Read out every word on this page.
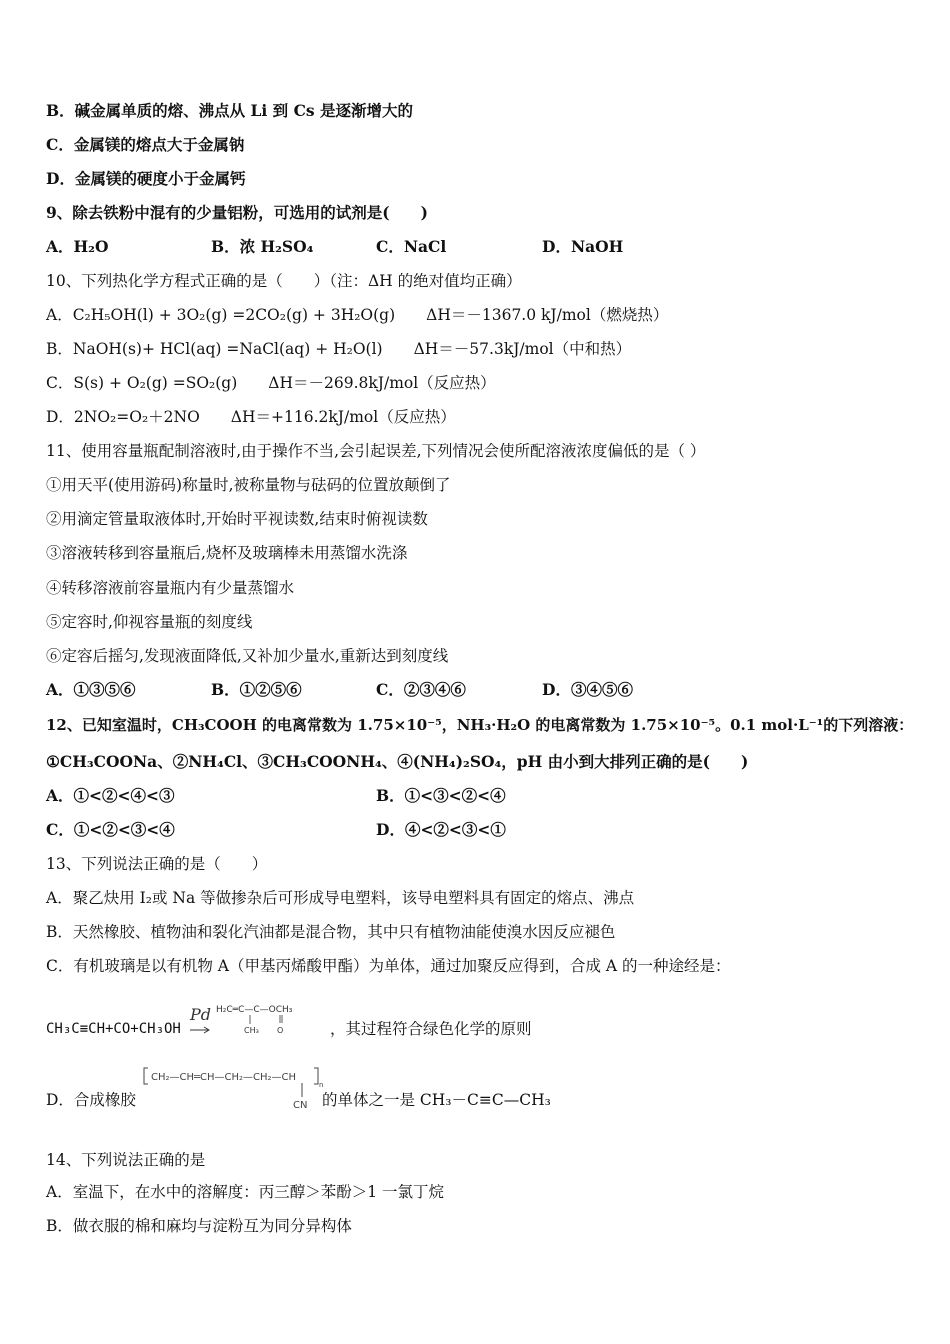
B．碱金属单质的熔、沸点从 Li 到 Cs 是逐渐增大的
C．金属镁的熔点大于金属钠
D．金属镁的硬度小于金属钙
9、除去铁粉中混有的少量铝粉，可选用的试剂是(　　)
A．H₂O	B．浓 H₂SO₄	C．NaCl	D．NaOH
10、下列热化学方程式正确的是（　　）（注：ΔH 的绝对值均正确）
A．C₂H₅OH(l) + 3O₂(g) =2CO₂(g) + 3H₂O(g)　　ΔH＝－1367.0 kJ/mol（燃烧热）
B．NaOH(s)+ HCl(aq) =NaCl(aq) + H₂O(l)　　ΔH＝－57.3kJ/mol（中和热）
C．S(s) + O₂(g) =SO₂(g)　　ΔH＝－269.8kJ/mol（反应热）
D．2NO₂=O₂＋2NO　　ΔH＝+116.2kJ/mol（反应热）
11、使用容量瓶配制溶液时,由于操作不当,会引起误差,下列情况会使所配溶液浓度偏低的是（ ）
①用天平(使用游码)称量时,被称量物与砝码的位置放颠倒了
②用滴定管量取液体时,开始时平视读数,结束时俯视读数
③溶液转移到容量瓶后,烧杯及玻璃棒未用蒸馏水洗涤
④转移溶液前容量瓶内有少量蒸馏水
⑤定容时,仰视容量瓶的刻度线
⑥定容后摇匀,发现液面降低,又补加少量水,重新达到刻度线
A．①③⑤⑥	B．①②⑤⑥	C．②③④⑥	D．③④⑤⑥
12、已知室温时，CH₃COOH 的电离常数为 1.75×10⁻⁵，NH₃·H₂O 的电离常数为 1.75×10⁻⁵。0.1 mol·L⁻¹的下列溶液：
①CH₃COONa、②NH₄Cl、③CH₃COONH₄、④(NH₄)₂SO₄，pH 由小到大排列正确的是(　　)
A．①<②<④<③	B．①<③<②<④
C．①<②<③<④	D．④<②<③<①
13、下列说法正确的是（　　）
A．聚乙炔用 I₂或 Na 等做掺杂后可形成导电塑料，该导电塑料具有固定的熔点、沸点
B．天然橡胶、植物油和裂化汽油都是混合物，其中只有植物油能使溴水因反应褪色
C．有机玻璃是以有机物 A（甲基丙烯酸甲酯）为单体，通过加聚反应得到，合成 A 的一种途经是：
CH₃C≡CH+CO+CH₃OH
Pd H₂C═C—C—OCH₃
CH₃ O	，其过程符合绿色化学的原则
D．合成橡胶
CH₂—CH═CH—CH₂—CH₂—CH
n
CN 的单体之一是 CH₃－C≡C—CH₃
14、下列说法正确的是
A．室温下，在水中的溶解度：丙三醇＞苯酚＞1 一氯丁烷
B．做衣服的棉和麻均与淀粉互为同分异构体
